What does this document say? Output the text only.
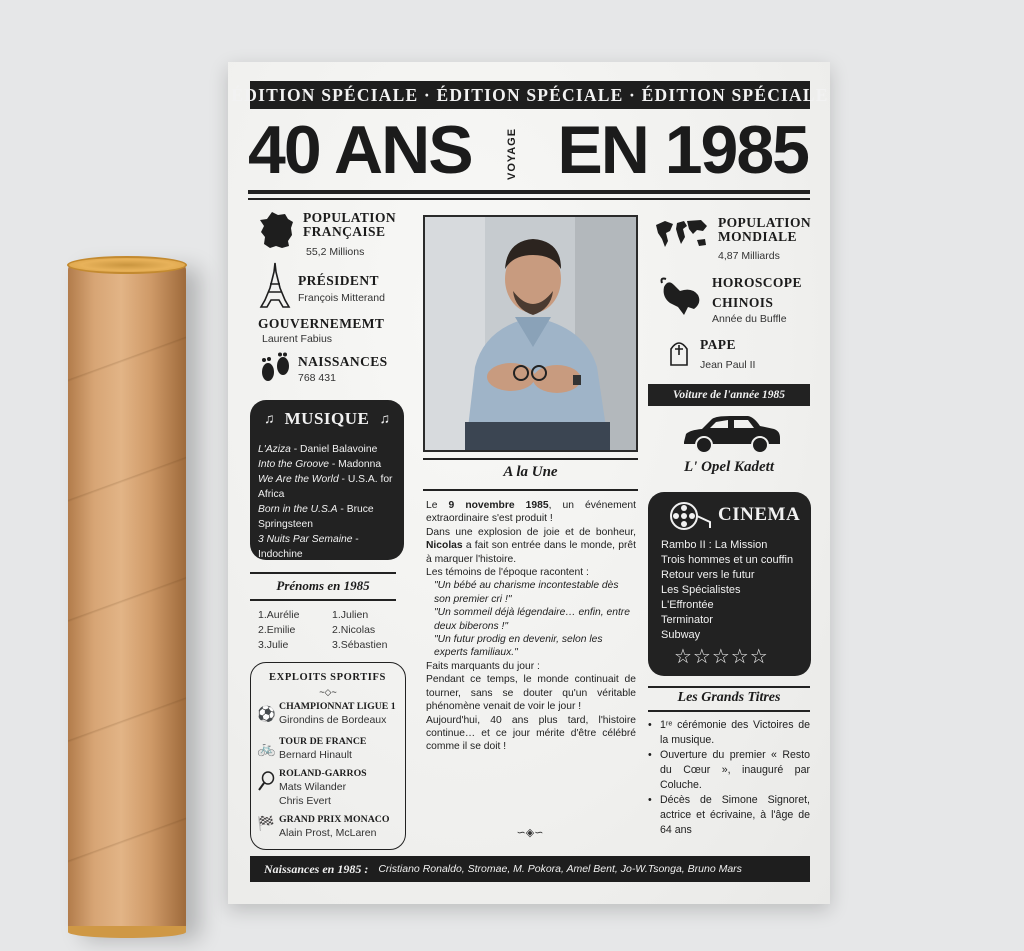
ÉDITION SPÉCIALE · ÉDITION SPÉCIALE · ÉDITION SPÉCIALE
40 ANS	VOYAGE EN 1985
POPULATION
FRANÇAISE
55,2 Millions
PRÉSIDENT
François Mitterand
GOUVERNEMEMT
Laurent Fabius
NAISSANCES
768 431
♫ MUSIQUE ♫
L'Aziza - Daniel Balavoine
Into the Groove - Madonna
We Are the World - U.S.A. for Africa
Born in the U.S.A - Bruce Springsteen
3 Nuits Par Semaine - Indochine
Prénoms en 1985
1.Aurélie
2.Emilie
3.Julie
1.Julien
2.Nicolas
3.Sébastien
EXPLOITS SPORTIFS
~◇~
⚽ CHAMPIONNAT LIGUE 1
Girondins de Bordeaux
🚲 TOUR DE FRANCE
Bernard Hinault
ROLAND-GARROS
Mats Wilander
Chris Evert
🏁 GRAND PRIX MONACO
Alain Prost, McLaren
A la Une

Le 9 novembre 1985, un événement extraordinaire s'est produit !

Dans une explosion de joie et de bonheur, Nicolas a fait son entrée dans le monde, prêt à marquer l'histoire.

Les témoins de l'époque racontent :

"Un bébé au charisme incontestable dès son premier cri !"
"Un sommeil déjà légendaire… enfin, entre deux biberons !"
"Un futur prodig en devenir, selon les experts familiaux."

Faits marquants du jour :

Pendant ce temps, le monde continuait de tourner, sans se douter qu'un véritable phénomène venait de voir le jour !

Aujourd'hui, 40 ans plus tard, l'histoire continue… et ce jour mérite d'être célébré comme il se doit !

∽◈∽
POPULATION
MONDIALE
4,87 Milliards
HOROSCOPE
CHINOIS
Année du Buffle
PAPE
Jean Paul II
Voiture de l'année 1985
L' Opel Kadett
CINEMA
Rambo II : La Mission
Trois hommes et un couffin
Retour vers le futur
Les Spécialistes
L'Effrontée
Terminator
Subway
☆☆☆☆☆
Les Grands Titres
• 1ʳᵉ cérémonie des Victoires de la musique.
• Ouverture du premier « Resto du Cœur », inauguré par Coluche.
• Décès de Simone Signoret, actrice et écrivaine, à l'âge de 64 ans
Naissances en 1985 : Cristiano Ronaldo, Stromae, M. Pokora, Amel Bent, Jo-W.Tsonga, Bruno Mars
